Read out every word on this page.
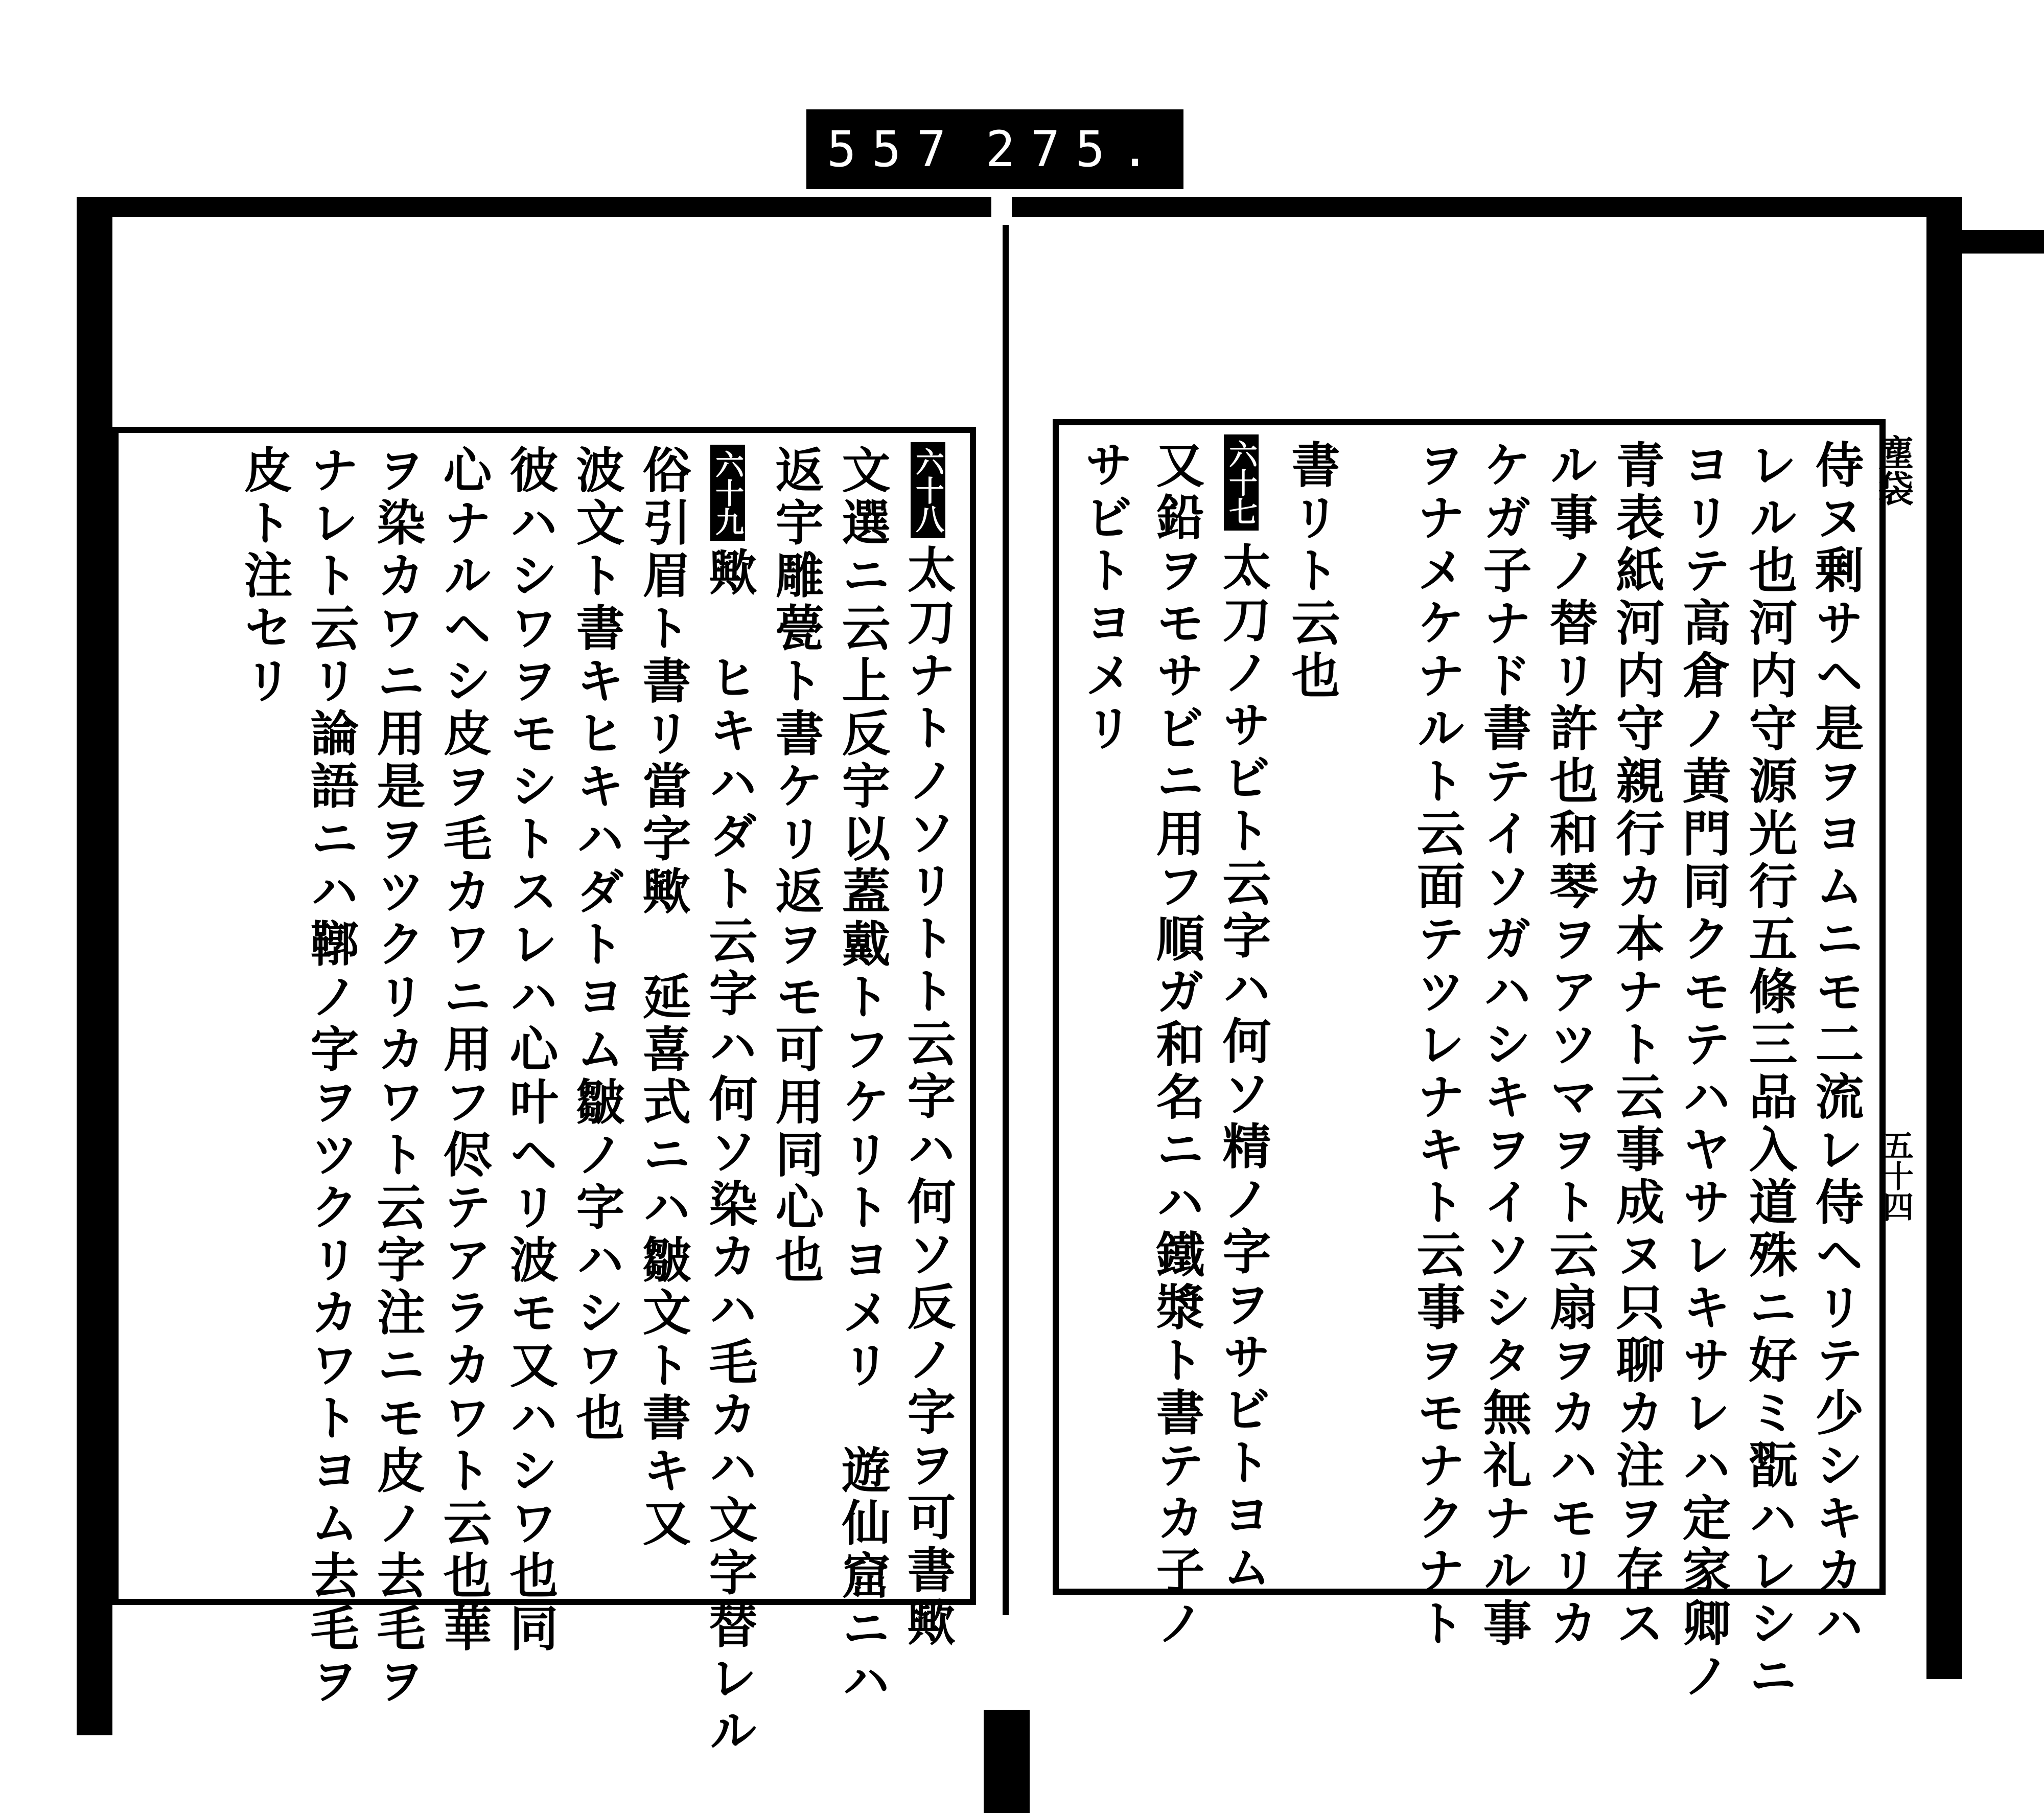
557 275.
塵袋
五十四
侍ヌ剰サヘ是ヲヨムニモ二流レ侍ヘリテ少シキカハ
レル也河内守源光行五條三品入道殊ニ好ミ翫ハレシニ
ヨリテ高倉ノ黄門同クモテハヤサレキサレハ定家卿ノ
青表紙河内守親行カ本ナト云事成ヌ只聊カ注ヲ存ス
ル事ノ替リ許也和琴ヲアツマヲト云扇ヲカハモリカ
ケガ子ナド書テイソガハシキヲイソシタ無礼ナル事
ヲナメケナルト云面テツレナキト云事ヲモナクナト
書リト云也
六十七
太刀ノサビト云字ハ何ソ精ノ字ヲサビトヨム
又鉛ヲモサビニ用フ順ガ和名ニハ鐵漿ト書テカ子ノ
サビトヨメリ
六十八
太刀ナトノソリトト云字ハ何ソ反ノ字ヲ可書歟
文選ニ云上反宇以蓋戴トフケリトヨメリ　遊仙窟ニハ
返宇雕甍ト書ケリ返ヲモ可用同心也
六十九
歟　ヒキハダト云字ハ何ソ染カハ毛カハ文字替レル
俗引眉ト書リ當字歟　延喜式ニハ皺文ト書キ又
波文ト書キヒキハダトヨム皺ノ字ハシワ也
彼ハシワヲモシトスレハ心叶ヘリ波モ又ハシワ也同
心ナルヘシ皮ヲ毛カワニ用フ侭テアラカワト云也華
ヲ染カワニ用是ヲツクリカワト云字注ニモ皮ノ去毛ヲ
ナレト云リ論語ニハ鞹ノ字ヲツクリカワトヨム去毛ヲ
皮ト注セリ
